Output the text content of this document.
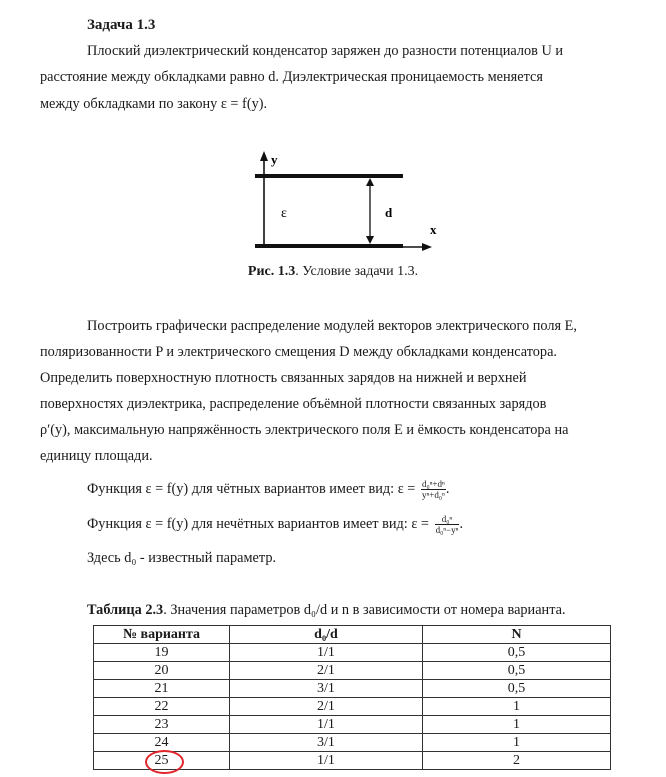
Задача 1.3
Плоский диэлектрический конденсатор заряжен до разности потенциалов U и
расстояние между обкладками равно d. Диэлектрическая проницаемость меняется
между обкладками по закону ε = f(y).
y
x
ε	d
Рис. 1.3. Условие задачи 1.3.
Построить графически распределение модулей векторов электрического поля E,
поляризованности P и электрического смещения D между обкладками конденсатора.
Определить поверхностную плотность связанных зарядов на нижней и верхней
поверхностях диэлектрика, распределение объёмной плотности связанных зарядов
ρ′(y), максимальную напряжённость электрического поля E и ёмкость конденсатора на
единицу площади.
Функция ε = f(y) для чётных вариантов имеет вид: $\varepsilon = \frac{\text{d₀ⁿ+dⁿ}}{\text{yⁿ+d₀ⁿ}}$ .
Функция ε = f(y) для нечётных вариантов имеет вид: $\varepsilon = \frac{\text{d₀ⁿ}}{\text{d₀ⁿ−yⁿ}}$ .
Здесь d₀ - известный параметр.
Таблица 2.3. Значения параметров d₀/d и n в зависимости от номера варианта.
№ варианта	d₀/d	N
19	1/1	0,5
20	2/1	0,5
21	3/1	0,5
22	2/1	1
23	1/1	1
24	3/1	1
25	1/1	2
